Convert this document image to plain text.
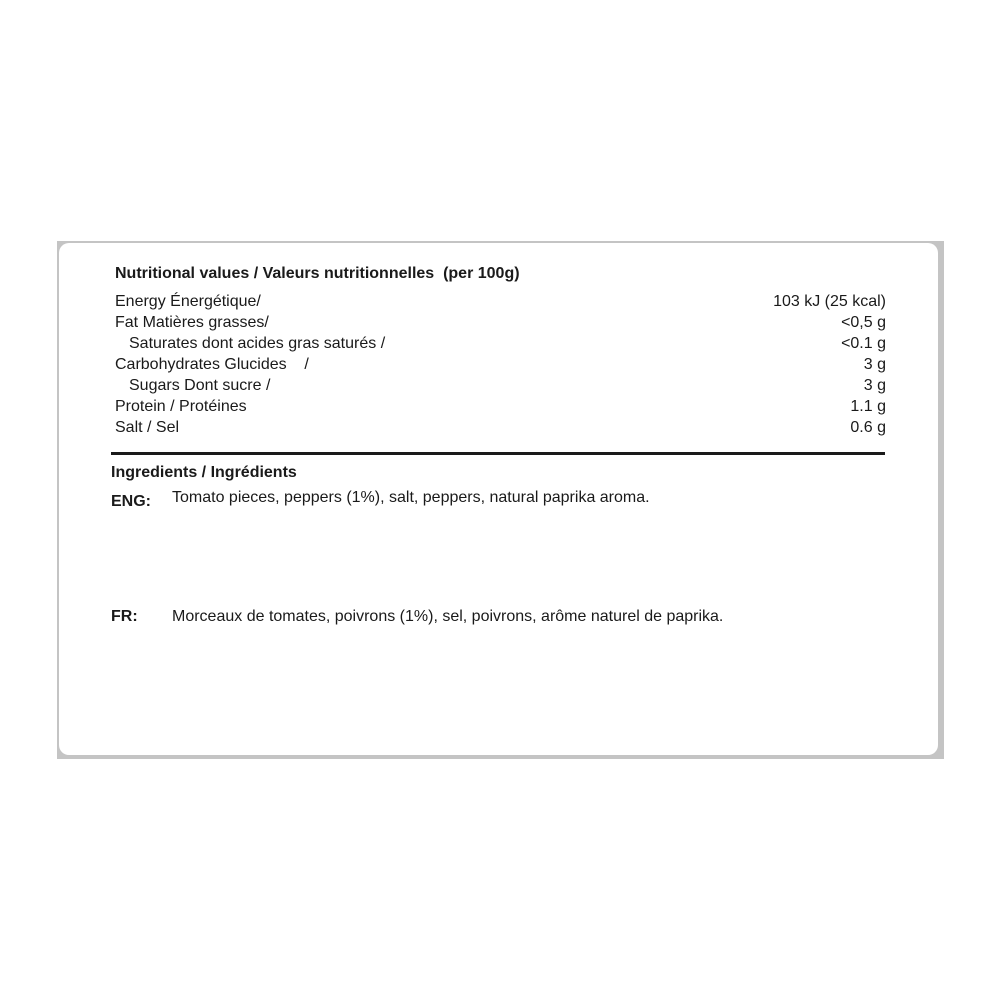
Nutritional values / Valeurs nutritionnelles  (per 100g)
Energy Énergétique/	103 kJ (25 kcal)
Fat Matières grasses/	<0,5 g
Saturates dont acides gras saturés /	<0.1 g
Carbohydrates Glucides    /	3 g
Sugars Dont sucre /	3 g
Protein / Protéines	1.1 g
Salt / Sel	0.6 g
Ingredients / Ingrédients

ENG:

Tomato pieces, peppers (1%), salt, peppers, natural paprika aroma.

FR:

Morceaux de tomates, poivrons (1%), sel, poivrons, arôme naturel de paprika.
